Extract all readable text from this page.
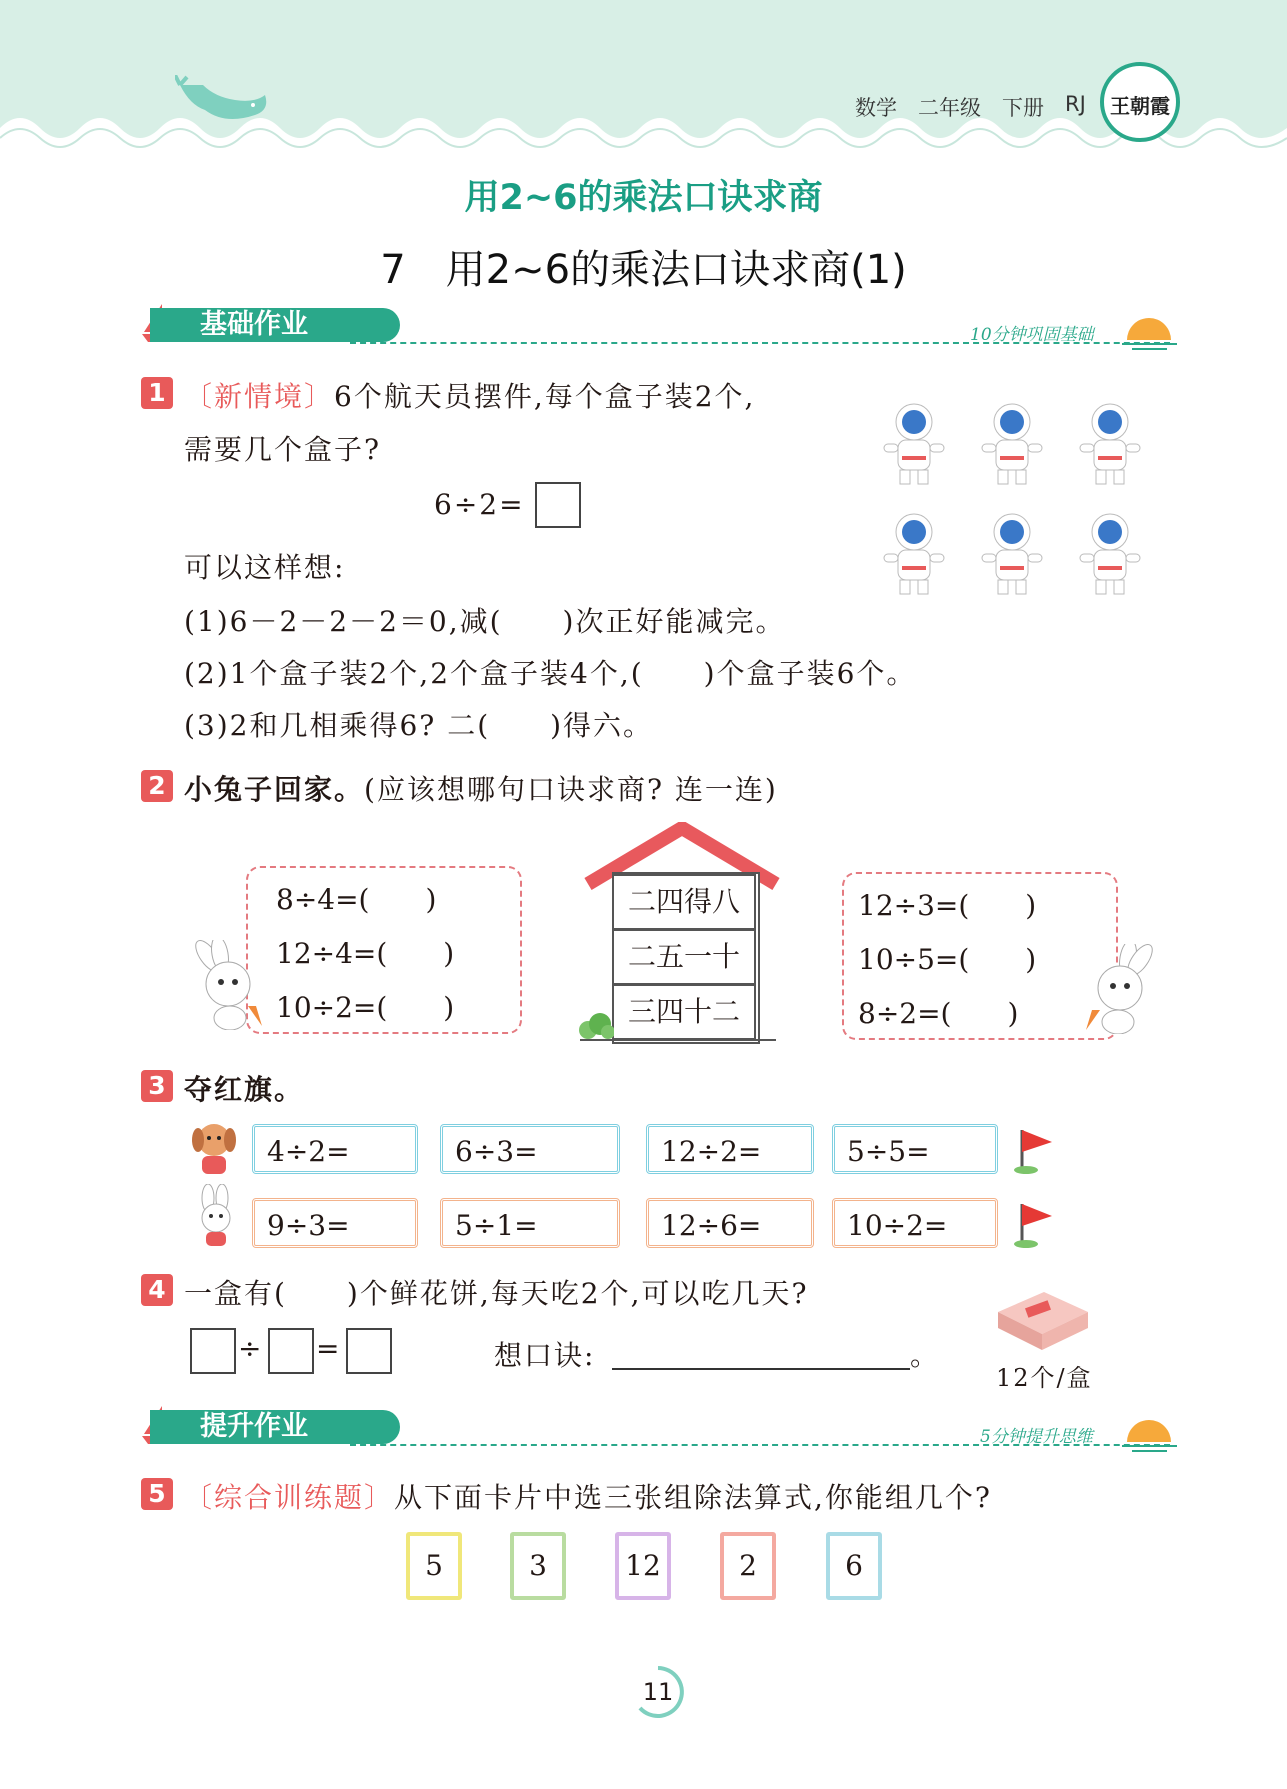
数学 二年级 下册 RJ 王朝霞
用2~6的乘法口诀求商
7　用2~6的乘法口诀求商(1)
基础作业	10分钟巩固基础
1 〔新情境〕6个航天员摆件,每个盒子装2个,
需要几个盒子?
6÷2=
可以这样想:
(1)6－2－2－2＝0,减(　　)次正好能减完。
(2)1个盒子装2个,2个盒子装4个,(　　)个盒子装6个。
(3)2和几相乘得6? 二(　　)得六。
2 小兔子回家。(应该想哪句口诀求商? 连一连)
8÷4=(　　)
12÷4=(　　)
10÷2=(　　)
二四得八
二五一十
三四十二
12÷3=(　　)
10÷5=(　　)
8÷2=(　　)
3 夺红旗。
4÷2=	6÷3=	12÷2=	5÷5=
9÷3=	5÷1=	12÷6=	10÷2=
4 一盒有(　　)个鲜花饼,每天吃2个,可以吃几天?
÷ =	想口诀:	。
12个/盒
提升作业	5分钟提升思维
5 〔综合训练题〕从下面卡片中选三张组除法算式,你能组几个?
5	3	12	2	6
11
